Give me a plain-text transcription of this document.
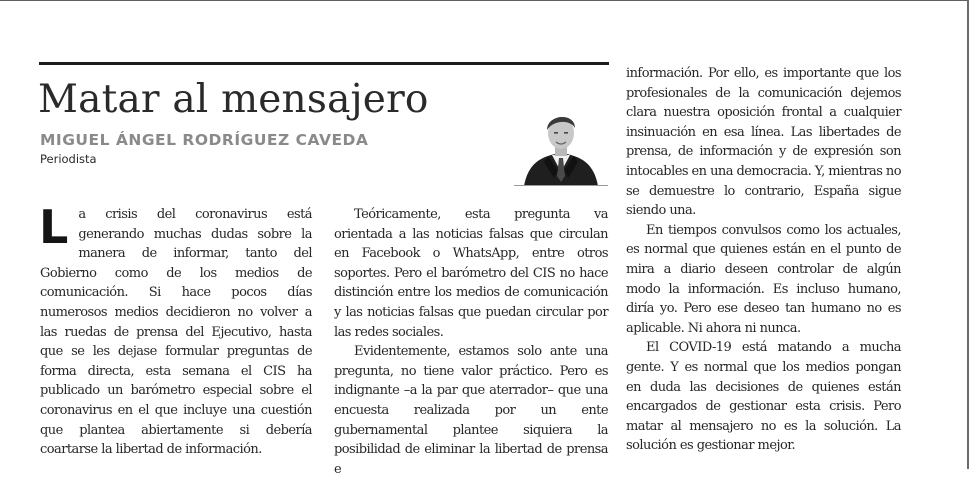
Matar al mensajero
MIGUEL ÁNGEL RODRÍGUEZ CAVEDA
Periodista

La crisis del coronavirus está generando muchas dudas sobre la manera de informar, tanto del Gobierno como de los medios de comunicación. Si hace pocos días numerosos medios decidieron no volver a las ruedas de prensa del Ejecutivo, hasta que se les dejase formular preguntas de forma directa, esta semana el CIS ha publicado un barómetro especial sobre el coronavirus en el que incluye una cuestión que plantea abiertamente si debería coartarse la libertad de información.

Teóricamente, esta pregunta va orientada a las noticias falsas que circulan en Facebook o WhatsApp, entre otros soportes. Pero el barómetro del CIS no hace distinción entre los medios de comunicación y las noticias falsas que puedan circular por las redes sociales.

Evidentemente, estamos solo ante una pregunta, no tiene valor práctico. Pero es indignante –a la par que aterrador– que una encuesta realizada por un ente gubernamental plantee siquiera la posibilidad de eliminar la libertad de prensa e

información. Por ello, es importante que los profesionales de la comunicación dejemos clara nuestra oposición frontal a cualquier insinuación en esa línea. Las libertades de prensa, de información y de expresión son intocables en una democracia. Y, mientras no se demuestre lo contrario, España sigue siendo una.

En tiempos convulsos como los actuales, es normal que quienes están en el punto de mira a diario deseen controlar de algún modo la información. Es incluso humano, diría yo. Pero ese deseo tan humano no es aplicable. Ni ahora ni nunca.

El COVID-19 está matando a mucha gente. Y es normal que los medios pongan en duda las decisiones de quienes están encargados de gestionar esta crisis. Pero matar al mensajero no es la solución. La solución es gestionar mejor.
